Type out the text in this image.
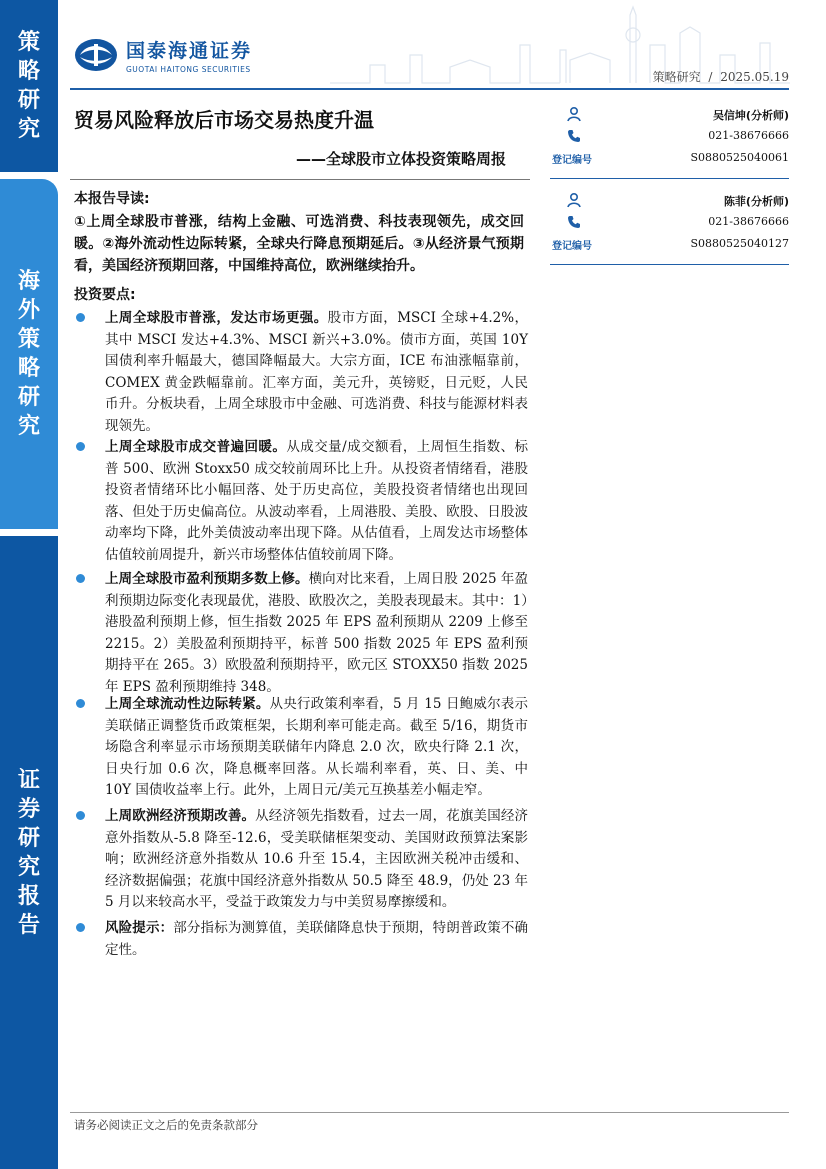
策
略
研
究
海
外
策
略
研
究
证
券
研
究
报
告
国泰海通证券
GUOTAI HAITONG SECURITIES
策略研究 / 2025.05.19
贸易风险释放后市场交易热度升温
——全球股市立体投资策略周报
本报告导读:
①上周全球股市普涨，结构上金融、可选消费、科技表现领先，成交回暖。②海外流动性边际转紧，全球央行降息预期延后。③从经济景气预期看，美国经济预期回落，中国维持高位，欧洲继续抬升。
投资要点:
上周全球股市普涨，发达市场更强。股市方面，MSCI 全球+4.2%，其中 MSCI 发达+4.3%、MSCI 新兴+3.0%。债市方面，英国 10Y 国债利率升幅最大，德国降幅最大。大宗方面，ICE 布油涨幅靠前，COMEX 黄金跌幅靠前。汇率方面，美元升，英镑贬，日元贬，人民币升。分板块看，上周全球股市中金融、可选消费、科技与能源材料表现领先。
上周全球股市成交普遍回暖。从成交量/成交额看，上周恒生指数、标普 500、欧洲 Stoxx50 成交较前周环比上升。从投资者情绪看，港股投资者情绪环比小幅回落、处于历史高位，美股投资者情绪也出现回落、但处于历史偏高位。从波动率看，上周港股、美股、欧股、日股波动率均下降，此外美债波动率出现下降。从估值看，上周发达市场整体估值较前周提升，新兴市场整体估值较前周下降。
上周全球股市盈利预期多数上修。横向对比来看，上周日股 2025 年盈利预期边际变化表现最优，港股、欧股次之，美股表现最末。其中：1）港股盈利预期上修，恒生指数 2025 年 EPS 盈利预期从 2209 上修至 2215。2）美股盈利预期持平，标普 500 指数 2025 年 EPS 盈利预期持平在 265。3）欧股盈利预期持平，欧元区 STOXX50 指数 2025 年 EPS 盈利预期维持 348。
上周全球流动性边际转紧。从央行政策利率看，5 月 15 日鲍威尔表示美联储正调整货币政策框架，长期利率可能走高。截至 5/16，期货市场隐含利率显示市场预期美联储年内降息 2.0 次，欧央行降 2.1 次，日央行加 0.6 次，降息概率回落。从长端利率看，英、日、美、中 10Y 国债收益率上行。此外，上周日元/美元互换基差小幅走窄。
上周欧洲经济预期改善。从经济领先指数看，过去一周，花旗美国经济意外指数从-5.8 降至-12.6，受美联储框架变动、美国财政预算法案影响；欧洲经济意外指数从 10.6 升至 15.4，主因欧洲关税冲击缓和、经济数据偏强；花旗中国经济意外指数从 50.5 降至 48.9，仍处 23 年 5 月以来较高水平，受益于政策发力与中美贸易摩擦缓和。
风险提示：部分指标为测算值，美联储降息快于预期，特朗普政策不确定性。
吴信坤(分析师)
021-38676666
登记编号	S0880525040061
陈菲(分析师)
021-38676666
登记编号	S0880525040127
请务必阅读正文之后的免责条款部分
